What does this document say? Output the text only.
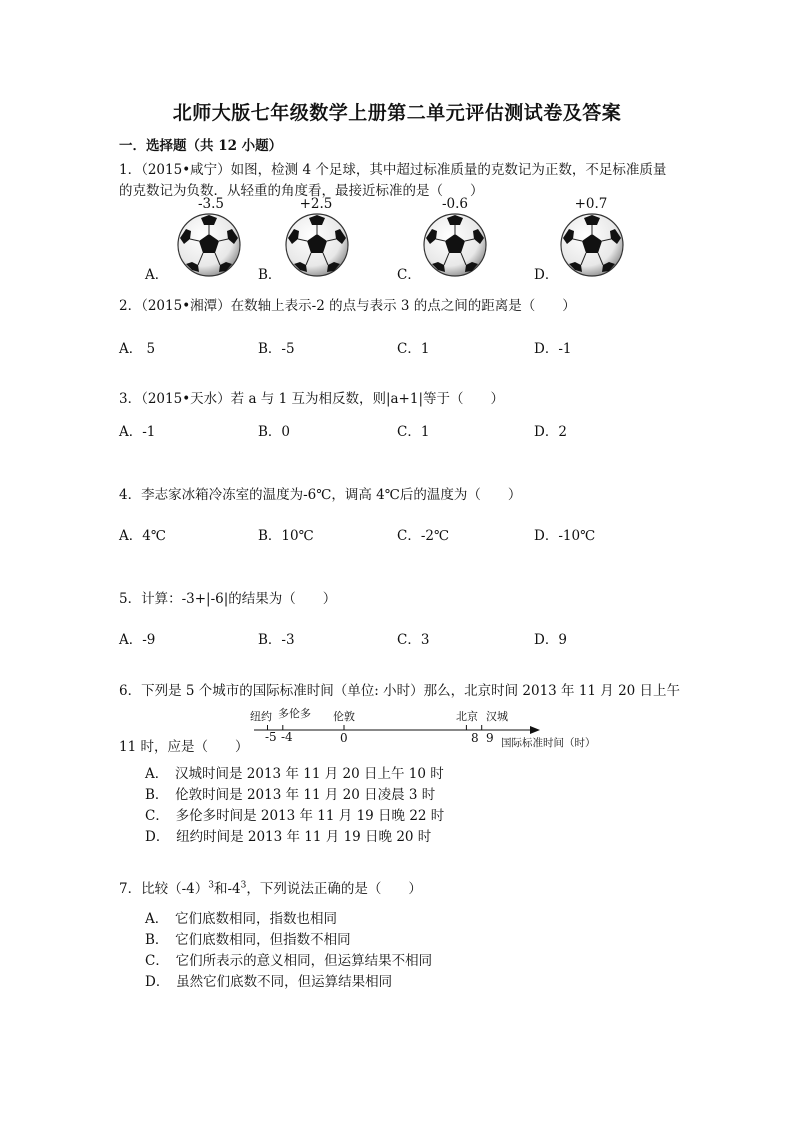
北师大版七年级数学上册第二单元评估测试卷及答案
一．选择题（共 12 小题）
1．（2015•咸宁）如图，检测 4 个足球，其中超过标准质量的克数记为正数，不足标准质量
的克数记为负数．从轻重的角度看，最接近标准的是（　　）
-3.5	+2.5	-0.6	+0.7
A．	B．	C．	D．
2．（2015•湘潭）在数轴上表示-2 的点与表示 3 的点之间的距离是（　　）
A． 5	B．-5	C．1	D．-1
3．（2015•天水）若 a 与 1 互为相反数，则|a+1|等于（　　）
A．-1	B．0	C．1	D．2
4．李志家冰箱冷冻室的温度为-6℃，调高 4℃后的温度为（　　）
A．4℃	B．10℃	C．-2℃	D．-10℃
5．计算：-3+|-6|的结果为（　　）
A．-9	B．-3	C．3	D．9
6．下列是 5 个城市的国际标准时间（单位: 小时）那么，北京时间 2013 年 11 月 20 日上午
11 时，应是（　　）
纽约 多伦多 伦敦	北京 汉城
-5 -4	0	8 9 国际标准时间（时）
A．　汉城时间是 2013 年 11 月 20 日上午 10 时
B．　伦敦时间是 2013 年 11 月 20 日凌晨 3 时
C．　多伦多时间是 2013 年 11 月 19 日晚 22 时
D．　纽约时间是 2013 年 11 月 19 日晚 20 时
7．比较$(-4)^3$和$-4^3$，下列说法正确的是（　　）
A．　它们底数相同，指数也相同
B．　它们底数相同，但指数不相同
C．　它们所表示的意义相同，但运算结果不相同
D．　虽然它们底数不同，但运算结果相同
